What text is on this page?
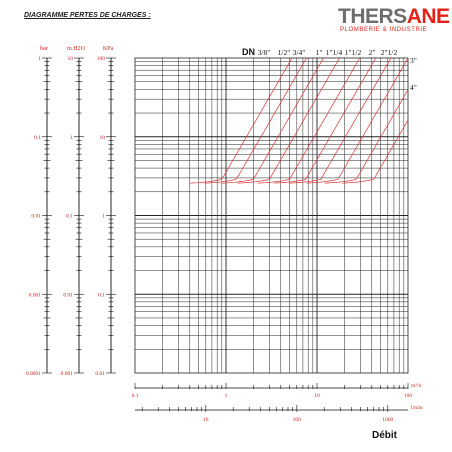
DIAGRAMME PERTES DE CHARGES :	THERSANE
PLOMBERIE & INDUSTRIE
bar
1
0.1
0.01
0.001
0.0001
m H2O
10
1
0.1
0.01
0.001
KPa
100
10
1
0.1
0.01
0.1	1	10	100
m³/h
10	100	1000
l/min
DN 3/8" 1/2" 3/4" 1" 1"1/4 1"1/2 2" 2"1/2
3"
4"
Débit
